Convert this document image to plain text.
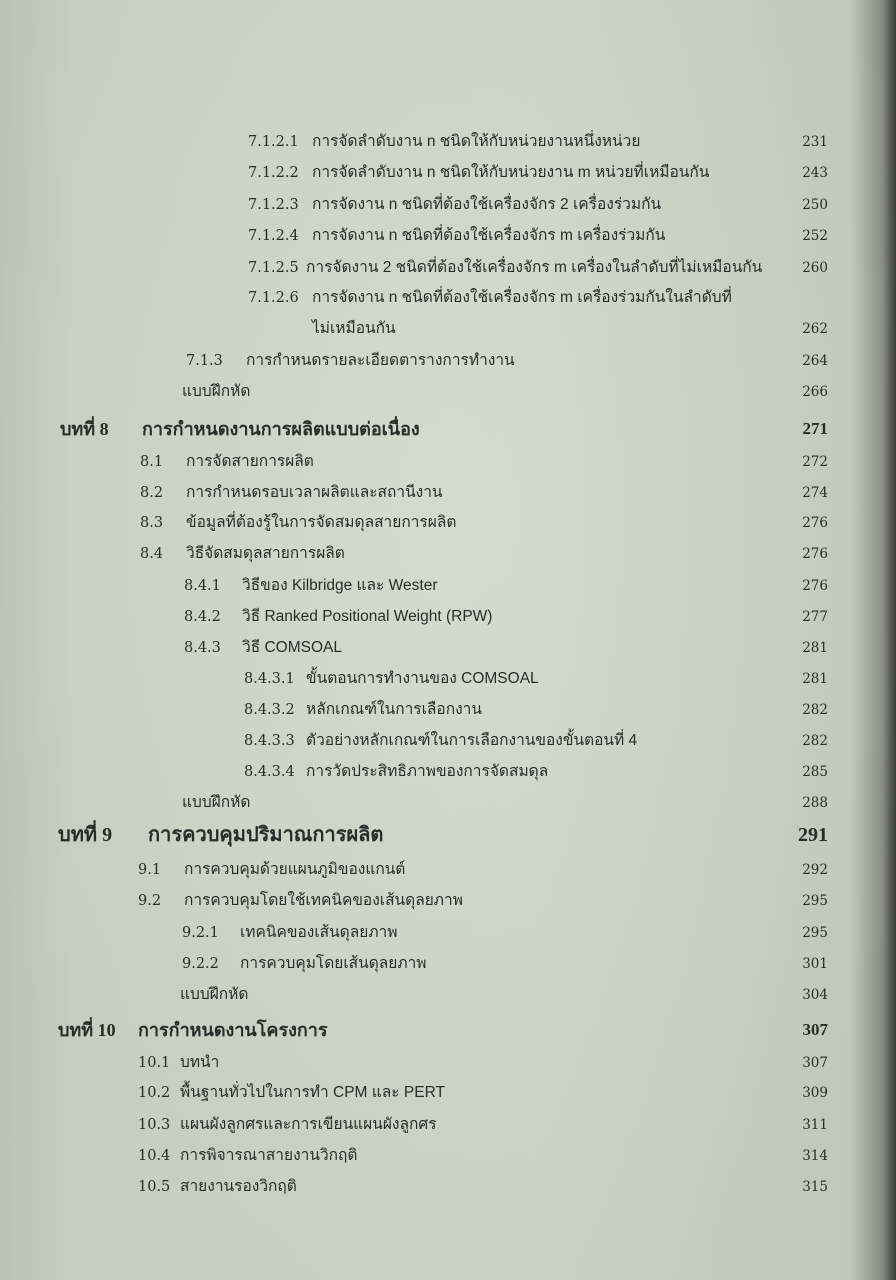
7.1.2.1 การจัดลำดับงาน n ชนิดให้กับหน่วยงานหนึ่งหน่วย	231
7.1.2.2 การจัดลำดับงาน n ชนิดให้กับหน่วยงาน m หน่วยที่เหมือนกัน	243
7.1.2.3 การจัดงาน n ชนิดที่ต้องใช้เครื่องจักร 2 เครื่องร่วมกัน	250
7.1.2.4 การจัดงาน n ชนิดที่ต้องใช้เครื่องจักร m เครื่องร่วมกัน	252
7.1.2.5 การจัดงาน 2 ชนิดที่ต้องใช้เครื่องจักร m เครื่องในลำดับที่ไม่เหมือนกัน	260
7.1.2.6 การจัดงาน n ชนิดที่ต้องใช้เครื่องจักร m เครื่องร่วมกันในลำดับที่
ไม่เหมือนกัน	262
7.1.3 การกำหนดรายละเอียดตารางการทำงาน	264
แบบฝึกหัด	266
บทที่ 8 การกำหนดงานการผลิตแบบต่อเนื่อง	271
8.1 การจัดสายการผลิต	272
8.2 การกำหนดรอบเวลาผลิตและสถานีงาน	274
8.3 ข้อมูลที่ต้องรู้ในการจัดสมดุลสายการผลิต	276
8.4 วิธีจัดสมดุลสายการผลิต	276
8.4.1 วิธีของ Kilbridge และ Wester	276
8.4.2 วิธี Ranked Positional Weight (RPW)	277
8.4.3 วิธี COMSOAL	281
8.4.3.1 ขั้นตอนการทำงานของ COMSOAL	281
8.4.3.2 หลักเกณฑ์ในการเลือกงาน	282
8.4.3.3 ตัวอย่างหลักเกณฑ์ในการเลือกงานของขั้นตอนที่ 4	282
8.4.3.4 การวัดประสิทธิภาพของการจัดสมดุล	285
แบบฝึกหัด	288
บทที่ 9 การควบคุมปริมาณการผลิต	291
9.1 การควบคุมด้วยแผนภูมิของแกนต์	292
9.2 การควบคุมโดยใช้เทคนิคของเส้นดุลยภาพ	295
9.2.1 เทคนิคของเส้นดุลยภาพ	295
9.2.2 การควบคุมโดยเส้นดุลยภาพ	301
แบบฝึกหัด	304
บทที่ 10 การกำหนดงานโครงการ	307
10.1 บทนำ	307
10.2 พื้นฐานทั่วไปในการทำ CPM และ PERT	309
10.3 แผนผังลูกศรและการเขียนแผนผังลูกศร	311
10.4 การพิจารณาสายงานวิกฤติ	314
10.5 สายงานรองวิกฤติ	315
